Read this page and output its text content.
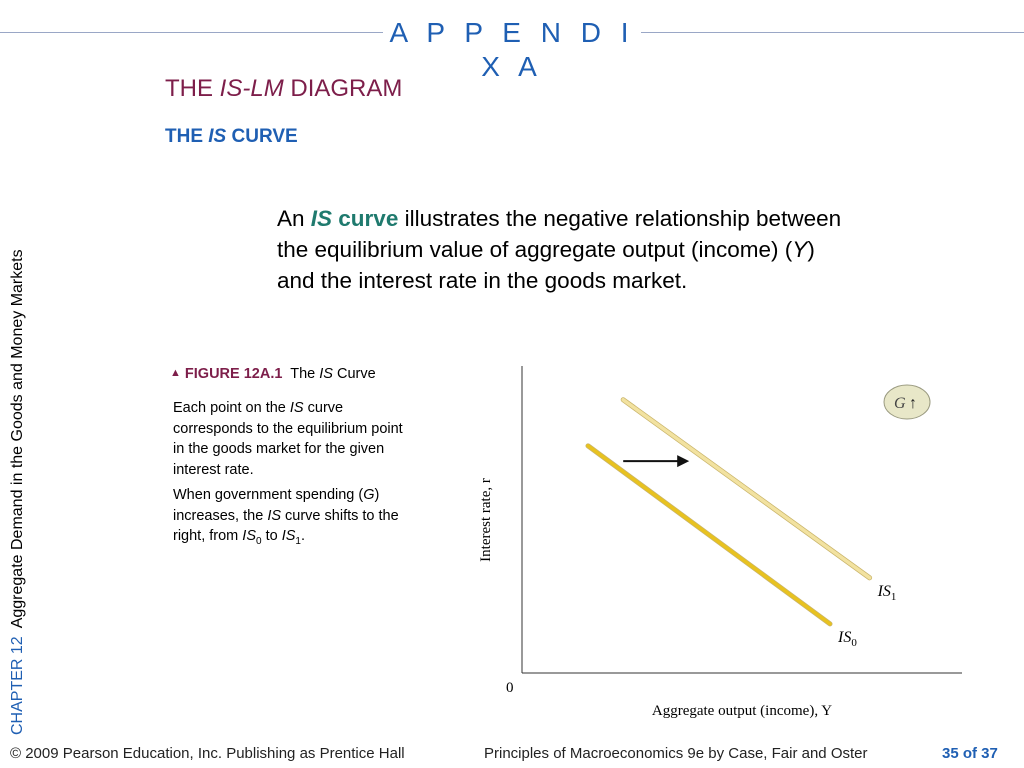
A P P E N D I X A
THE IS-LM DIAGRAM
THE IS CURVE
CHAPTER 12  Aggregate Demand in the Goods and Money Markets
An IS curve illustrates the negative relationship between the equilibrium value of aggregate output (income) (Y) and the interest rate in the goods market.
▲ FIGURE 12A.1 The IS Curve
Each point on the IS curve corresponds to the equilibrium point in the goods market for the given interest rate.
When government spending (G) increases, the IS curve shifts to the right, from $IS_0$ to $IS_1$.	Interest rate, r
Aggregate output (income), Y
0
$IS_0$
$IS_1$
G ↑
© 2009 Pearson Education, Inc. Publishing as Prentice Hall	Principles of Macroeconomics 9e by Case, Fair and Oster	35 of 37
